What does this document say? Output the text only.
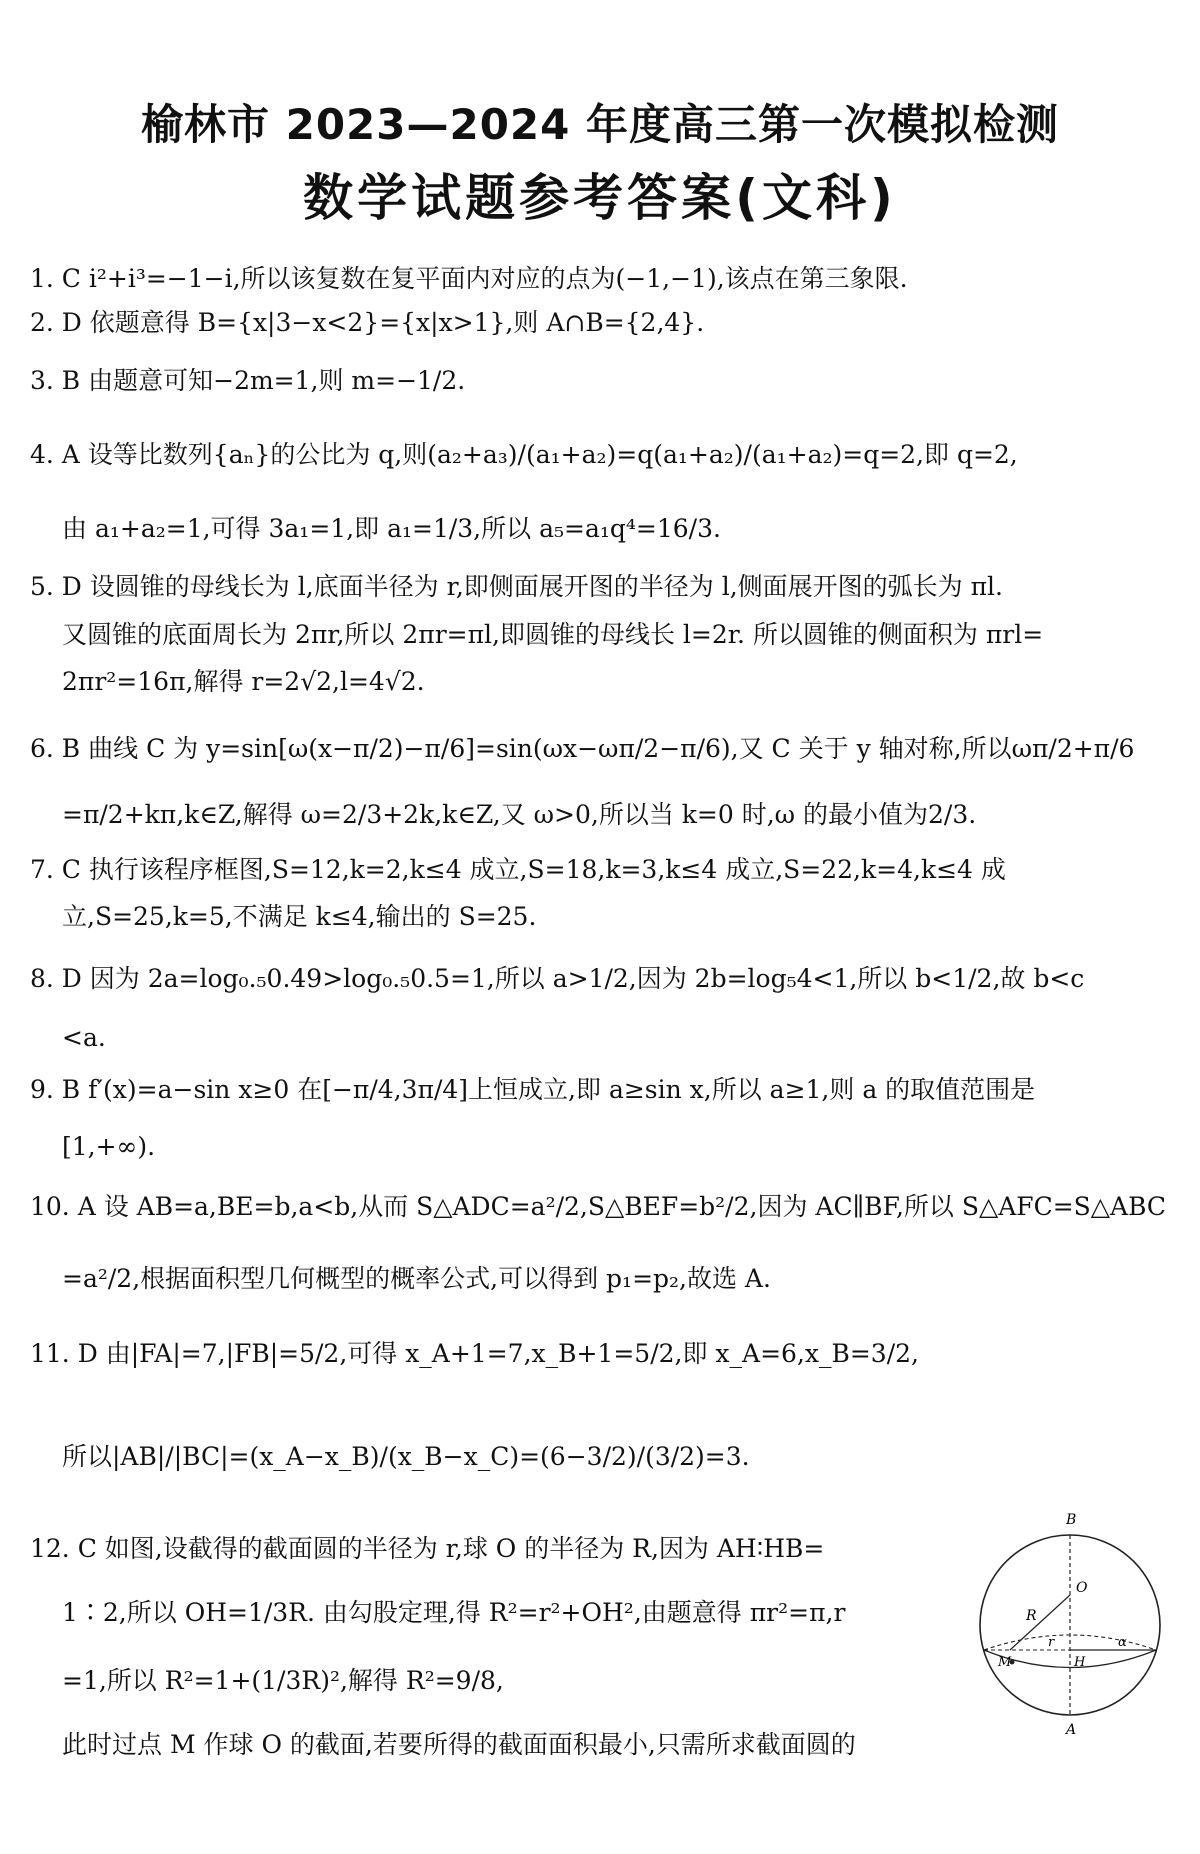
榆林市 2023—2024 年度高三第一次模拟检测
数学试题参考答案(文科)
1. C i²+i³=−1−i,所以该复数在复平面内对应的点为(−1,−1),该点在第三象限.
2. D 依题意得 B={x|3−x<2}={x|x>1},则 A∩B={2,4}.
3. B 由题意可知−2m=1,则 m=−1/2.
4. A 设等比数列{aₙ}的公比为 q,则(a₂+a₃)/(a₁+a₂)=q(a₁+a₂)/(a₁+a₂)=q=2,即 q=2,
由 a₁+a₂=1,可得 3a₁=1,即 a₁=1/3,所以 a₅=a₁q⁴=16/3.
5. D 设圆锥的母线长为 l,底面半径为 r,即侧面展开图的半径为 l,侧面展开图的弧长为 πl.
又圆锥的底面周长为 2πr,所以 2πr=πl,即圆锥的母线长 l=2r. 所以圆锥的侧面积为 πrl=
2πr²=16π,解得 r=2√2,l=4√2.
6. B 曲线 C 为 y=sin[ω(x−π/2)−π/6]=sin(ωx−ωπ/2−π/6),又 C 关于 y 轴对称,所以ωπ/2+π/6
=π/2+kπ,k∈Z,解得 ω=2/3+2k,k∈Z,又 ω>0,所以当 k=0 时,ω 的最小值为2/3.
7. C 执行该程序框图,S=12,k=2,k≤4 成立,S=18,k=3,k≤4 成立,S=22,k=4,k≤4 成
立,S=25,k=5,不满足 k≤4,输出的 S=25.
8. D 因为 2a=log₀.₅0.49>log₀.₅0.5=1,所以 a>1/2,因为 2b=log₅4<1,所以 b<1/2,故 b<c
<a.
9. B f′(x)=a−sin x≥0 在[−π/4,3π/4]上恒成立,即 a≥sin x,所以 a≥1,则 a 的取值范围是
[1,+∞).
10. A 设 AB=a,BE=b,a<b,从而 S△ADC=a²/2,S△BEF=b²/2,因为 AC∥BF,所以 S△AFC=S△ABC
=a²/2,根据面积型几何概型的概率公式,可以得到 p₁=p₂,故选 A.
11. D 由|FA|=7,|FB|=5/2,可得 x_A+1=7,x_B+1=5/2,即 x_A=6,x_B=3/2,
所以|AB|/|BC|=(x_A−x_B)/(x_B−x_C)=(6−3/2)/(3/2)=3.
12. C 如图,设截得的截面圆的半径为 r,球 O 的半径为 R,因为 AH∶HB=
1∶2,所以 OH=1/3R. 由勾股定理,得 R²=r²+OH²,由题意得 πr²=π,r
=1,所以 R²=1+(1/3R)²,解得 R²=9/8,
此时过点 M 作球 O 的截面,若要所得的截面面积最小,只需所求截面圆的
B
O
R
r	α
M	H
A
